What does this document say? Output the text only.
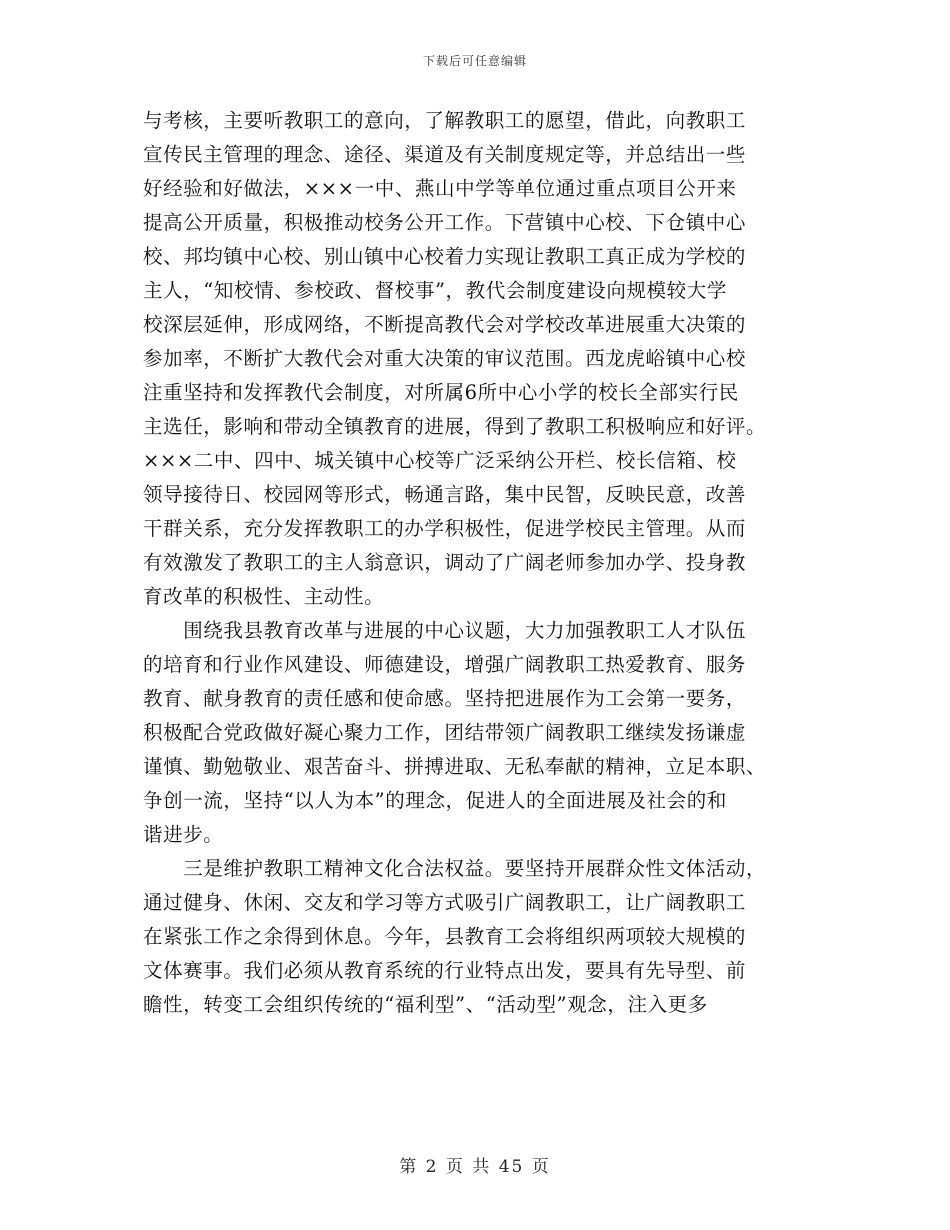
下载后可任意编辑
与考核，主要听教职工的意向，了解教职工的愿望，借此，向教职工
宣传民主管理的理念、途径、渠道及有关制度规定等，并总结出一些
好经验和好做法，×××一中、燕山中学等单位通过重点项目公开来
提高公开质量，积极推动校务公开工作。下营镇中心校、下仓镇中心
校、邦均镇中心校、别山镇中心校着力实现让教职工真正成为学校的
主人，“知校情、参校政、督校事”，教代会制度建设向规模较大学
校深层延伸，形成网络，不断提高教代会对学校改革进展重大决策的
参加率，不断扩大教代会对重大决策的审议范围。西龙虎峪镇中心校
注重坚持和发挥教代会制度，对所属6所中心小学的校长全部实行民
主选任，影响和带动全镇教育的进展，得到了教职工积极响应和好评。
×××二中、四中、城关镇中心校等广泛采纳公开栏、校长信箱、校
领导接待日、校园网等形式，畅通言路，集中民智，反映民意，改善
干群关系，充分发挥教职工的办学积极性，促进学校民主管理。从而
有效激发了教职工的主人翁意识，调动了广阔老师参加办学、投身教
育改革的积极性、主动性。
　　围绕我县教育改革与进展的中心议题，大力加强教职工人才队伍
的培育和行业作风建设、师德建设，增强广阔教职工热爱教育、服务
教育、献身教育的责任感和使命感。坚持把进展作为工会第一要务，
积极配合党政做好凝心聚力工作，团结带领广阔教职工继续发扬谦虚
谨慎、勤勉敬业、艰苦奋斗、拼搏进取、无私奉献的精神，立足本职、
争创一流，坚持“以人为本”的理念，促进人的全面进展及社会的和
谐进步。
　　三是维护教职工精神文化合法权益。要坚持开展群众性文体活动，
通过健身、休闲、交友和学习等方式吸引广阔教职工，让广阔教职工
在紧张工作之余得到休息。今年，县教育工会将组织两项较大规模的
文体赛事。我们必须从教育系统的行业特点出发，要具有先导型、前
瞻性，转变工会组织传统的“福利型”、“活动型”观念，注入更多
第 2 页 共 45 页
